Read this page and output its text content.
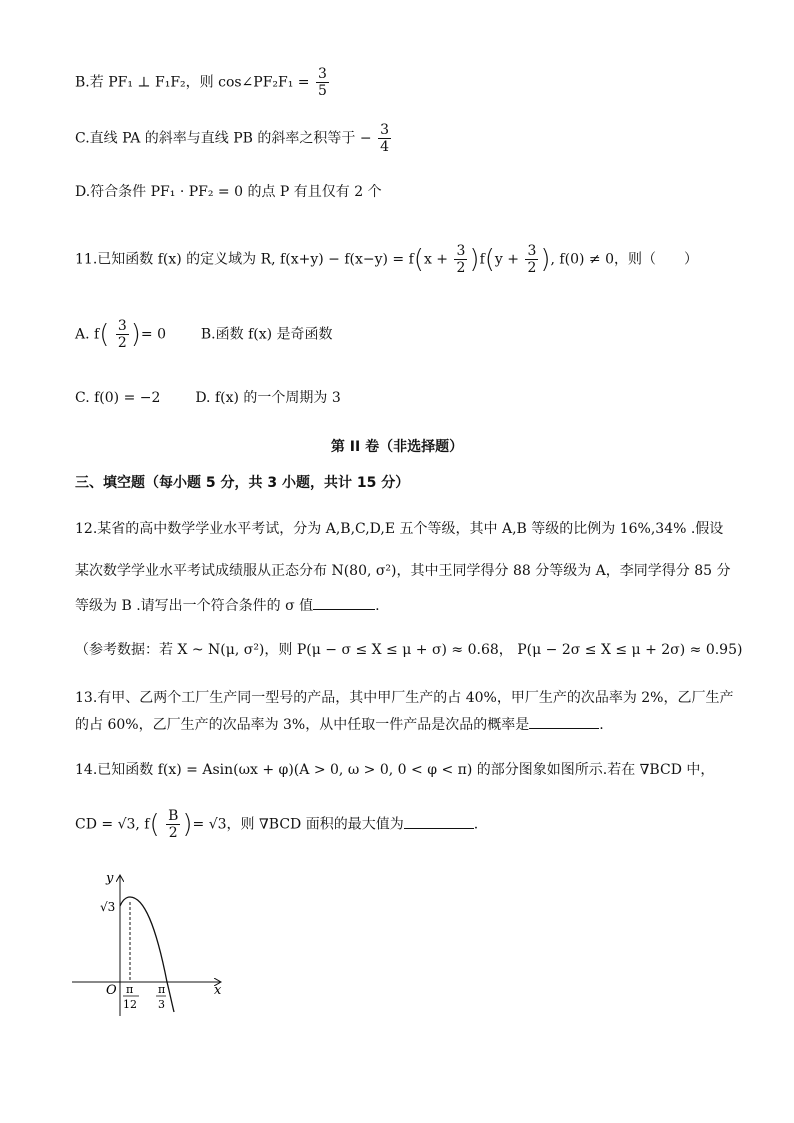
B.若 PF₁ ⊥ F₁F₂，则 cos∠PF₂F₁ = $\frac{3}{5}$
C.直线 PA 的斜率与直线 PB 的斜率之积等于 − $\frac{3}{4}$
D.符合条件 PF₁ · PF₂ = 0 的点 P 有且仅有 2 个
11.已知函数 f(x) 的定义域为 R, $f(x+y) - f(x-y) = f(x + \frac{3}{2} )f(y + \frac{3}{2}$ ), f(0) ≠ 0，则（　　）
A. $f( \frac{3}{2}$ )= 0 B.函数 f(x) 是奇函数
C. f(0) = −2 D. f(x) 的一个周期为 3
第 II 卷（非选择题）
三、填空题（每小题 5 分，共 3 小题，共计 15 分）
12.某省的高中数学学业水平考试，分为 A,B,C,D,E 五个等级，其中 A,B 等级的比例为 16%,34% .假设
某次数学学业水平考试成绩服从正态分布 N(80, σ²)，其中王同学得分 88 分等级为 A，李同学得分 85 分
等级为 B .请写出一个符合条件的 σ 值	.
（参考数据：若 X ~ N(μ, σ²)，则 P(μ − σ ≤ X ≤ μ + σ) ≈ 0.68， P(μ − 2σ ≤ X ≤ μ + 2σ) ≈ 0.95)
13.有甲、乙两个工厂生产同一型号的产品，其中甲厂生产的占 40%，甲厂生产的次品率为 2%，乙厂生产
的占 60%，乙厂生产的次品率为 3%，从中任取一件产品是次品的概率是	.
14.已知函数 f(x) = Asin(ωx + φ)(A > 0, ω > 0, 0 < φ < π) 的部分图象如图所示.若在 ∇BCD 中，
CD = √3, $f( \frac{B}{2}$ )= √3，则 ∇BCD 面积的最大值为	.
y
x
O
√3
π
12
π
3
